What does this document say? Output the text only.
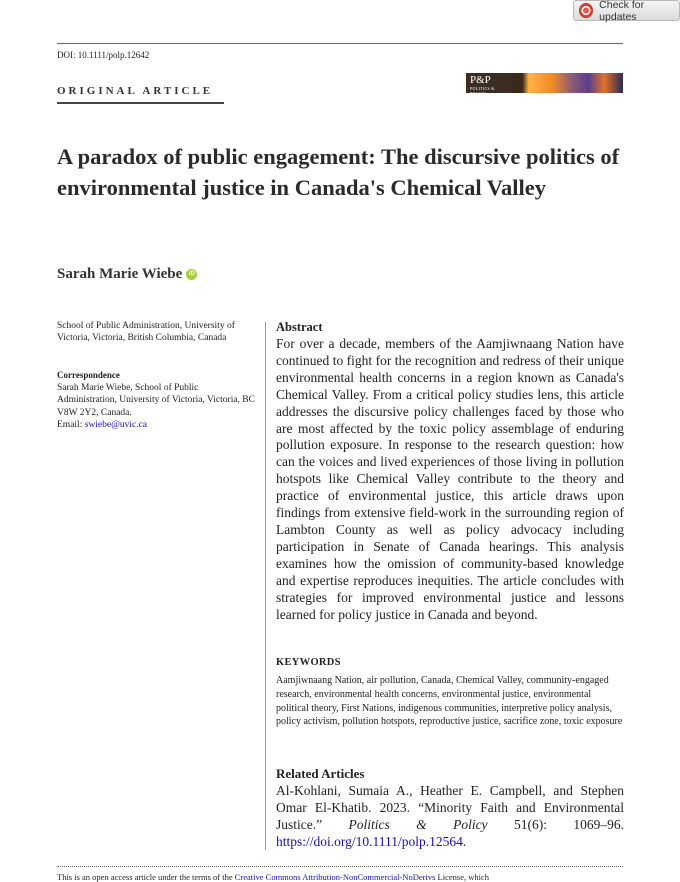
Check for updates
DOI: 10.1111/polp.12642
ORIGINAL ARTICLE
P&P
POLITICS & POLICY
A paradox of public engagement: The discursive politics of environmental justice in Canada's Chemical Valley
Sarah Marie Wiebe	iD
School of Public Administration, University of Victoria, Victoria, British Columbia, Canada
Correspondence
Sarah Marie Wiebe, School of Public Administration, University of Victoria, Victoria, BC V8W 2Y2, Canada.
Email: swiebe@uvic.ca
Abstract
For over a decade, members of the Aamjiwnaang Nation have continued to fight for the recognition and redress of their unique environmental health concerns in a region known as Canada's Chemical Valley. From a critical policy studies lens, this article addresses the discursive policy challenges faced by those who are most affected by the toxic policy assemblage of enduring pollution exposure. In response to the research question: how can the voices and lived experiences of those living in pollution hotspots like Chemical Valley contribute to the theory and practice of environmental justice, this article draws upon findings from extensive field-work in the surrounding region of Lambton County as well as policy advocacy including participation in Senate of Canada hearings. This analysis examines how the omission of community-based knowledge and expertise reproduces inequities. The article concludes with strategies for improved environmental justice and lessons learned for policy justice in Canada and beyond.
KEYWORDS
Aamjiwnaang Nation, air pollution, Canada, Chemical Valley, community-engaged research, environmental health concerns, environmental justice, environmental political theory, First Nations, indigenous communities, interpretive policy analysis, policy activism, pollution hotspots, reproductive justice, sacrifice zone, toxic exposure
Related Articles
Al-Kohlani, Sumaia A., Heather E. Campbell, and Stephen Omar El-Khatib. 2023. “Minority Faith and Environmental Justice.” Politics & Policy 51(6): 1069–96. https://doi.org/10.1111/polp.12564.
This is an open access article under the terms of the Creative Commons Attribution-NonCommercial-NoDerivs License, which
